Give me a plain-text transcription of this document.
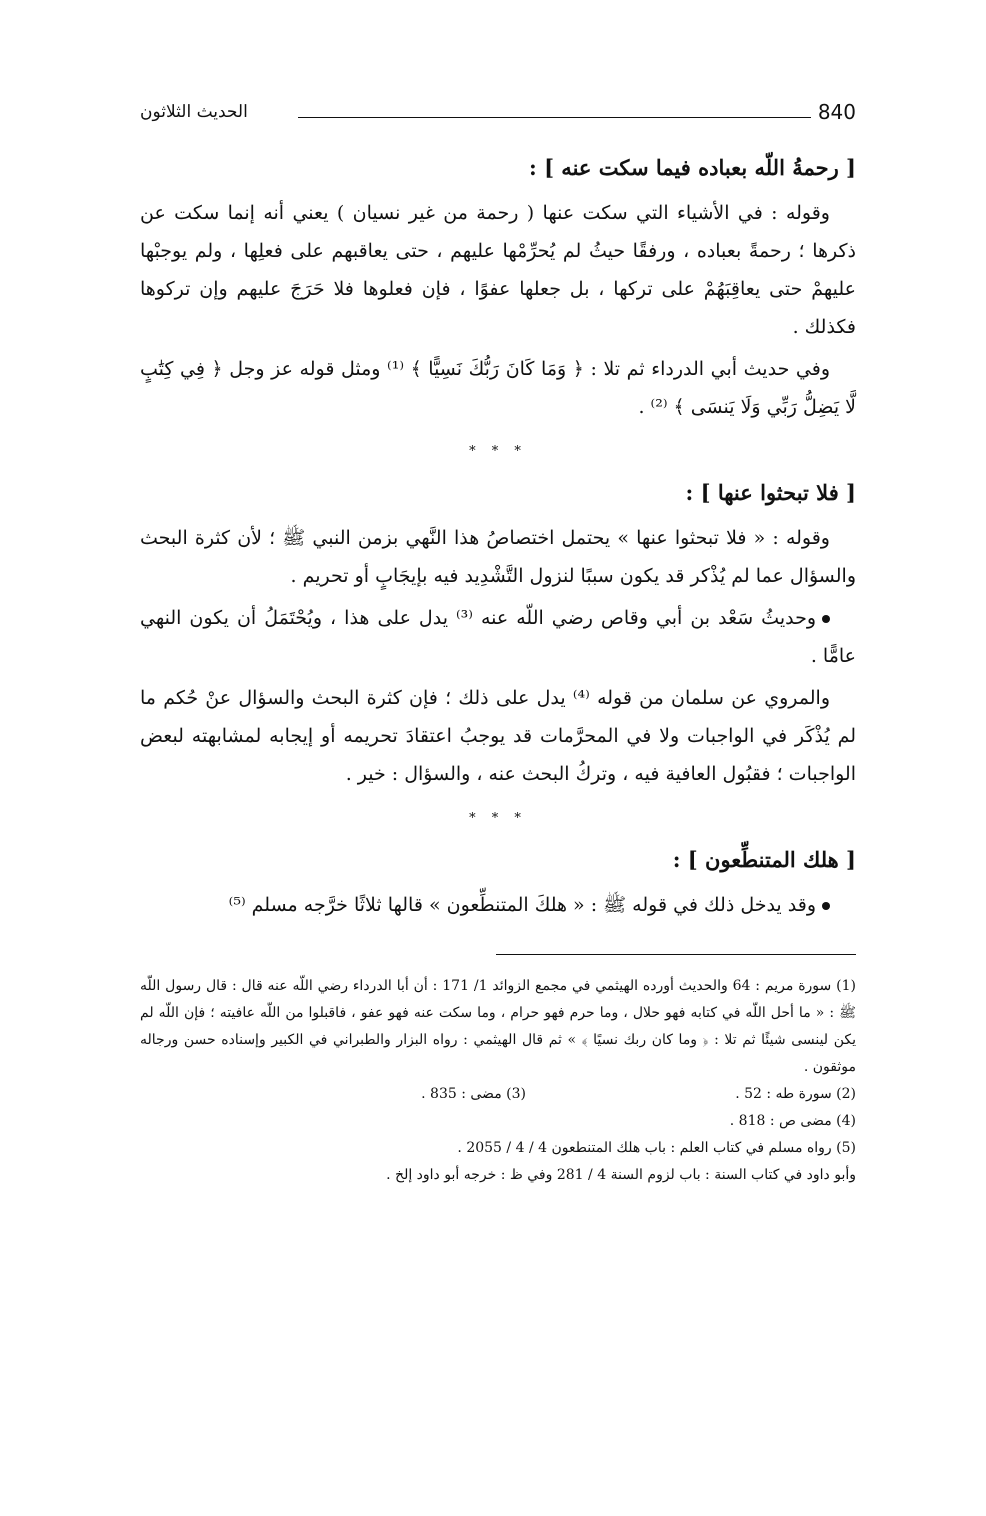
840
الحديث الثلاثون
[ رحمةُ اللّه بعباده فيما سكت عنه ] :

وقوله : في الأشياء التي سكت عنها ( رحمة من غير نسيان ) يعني أنه إنما سكت عن ذكرها ؛ رحمةً بعباده ، ورفقًا حيثُ لم يُحرِّمْها عليهم ، حتى يعاقبهم على فعلِها ، ولم يوجبْها عليهمْ حتى يعاقِبَهُمْ على تركها ، بل جعلها عفوًا ، فإن فعلوها فلا حَرَجَ عليهم وإن تركوها فكذلك .

وفي حديث أبي الدرداء ثم تلا : ﴿ وَمَا كَانَ رَبُّكَ نَسِيًّا ﴾ ⁽¹⁾ ومثل قوله عز وجل ﴿ فِي كِتَٰبٍ لَّا يَضِلُّ رَبِّي وَلَا يَنسَى ﴾ ⁽²⁾ .

* * *
[ فلا تبحثوا عنها ] :

وقوله : « فلا تبحثوا عنها » يحتمل اختصاصُ هذا النَّهي بزمن النبي ﷺ ؛ لأن كثرة البحث والسؤال عما لم يُذْكر قد يكون سببًا لنزول التَّشْدِيد فيه بإيجَابٍ أو تحريم .

وحديثُ سَعْد بن أبي وقاص رضي اللّه عنه ⁽³⁾ يدل على هذا ، ويُحْتَمَلُ أن يكون النهي عامًّا .

والمروي عن سلمان من قوله ⁽⁴⁾ يدل على ذلك ؛ فإن كثرة البحث والسؤال عنْ حُكم ما لم يُذْكَر في الواجبات ولا في المحرَّمات قد يوجبُ اعتقادَ تحريمه أو إيجابه لمشابهته لبعض الواجبات ؛ فقبُول العافية فيه ، وتركُ البحث عنه ، والسؤال : خير .

* * *
[ هلك المتنطِّعون ] :

وقد يدخل ذلك في قوله ﷺ : « هلكَ المتنطِّعون » قالها ثلاثًا خرَّجه مسلم ⁽⁵⁾

(1) سورة مريم : 64 والحديث أورده الهيثمي في مجمع الزوائد 1/ 171 : أن أبا الدرداء رضي اللّه عنه قال : قال رسول اللّه ﷺ : « ما أحل اللّه في كتابه فهو حلال ، وما حرم فهو حرام ، وما سكت عنه فهو عفو ، فاقبلوا من اللّه عافيته ؛ فإن اللّه لم يكن لينسى شيئًا ثم تلا : ﴿ وما كان ربك نسيًا ﴾ » ثم قال الهيثمي : رواه البزار والطبراني في الكبير وإسناده حسن ورجاله موثقون .

(2) سورة طه : 52 .
(3) مضى : 835 .

(4) مضى ص : 818 .

(5) رواه مسلم في كتاب العلم : باب هلك المتنطعون 4 / 4 / 2055 .

وأبو داود في كتاب السنة : باب لزوم السنة 4 / 281 وفي ظ : خرجه أبو داود إلخ .
